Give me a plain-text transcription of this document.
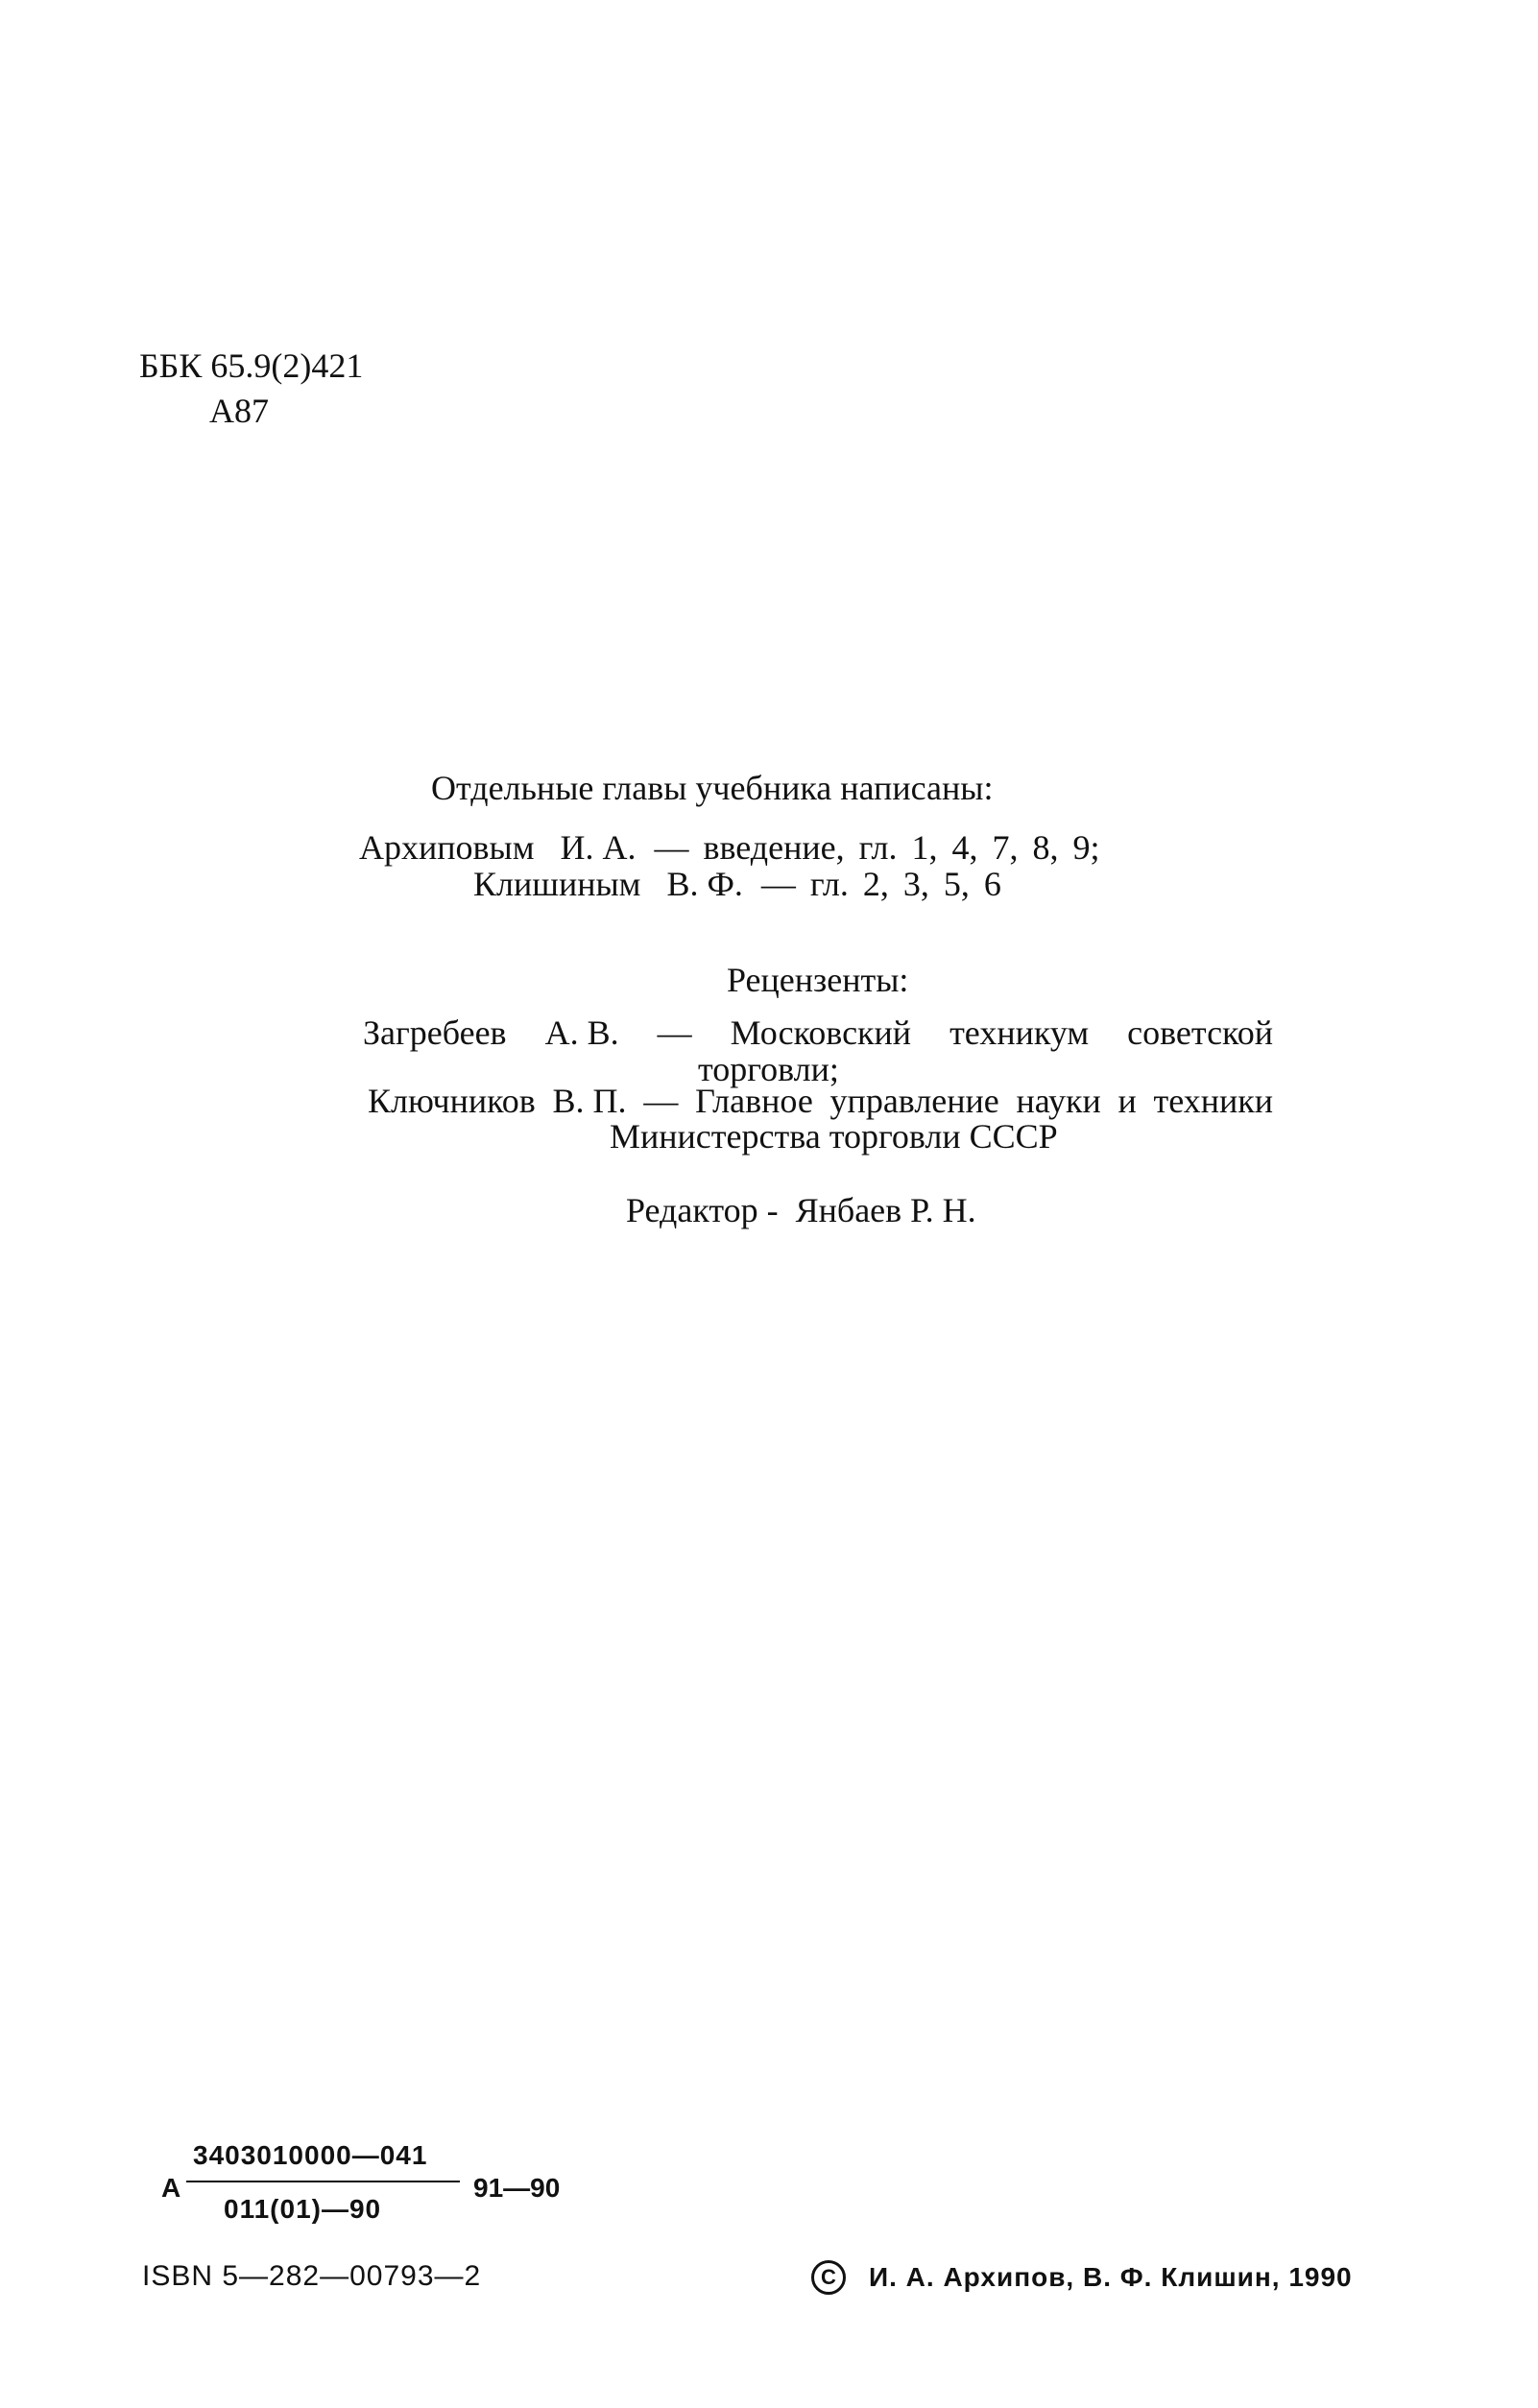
ББК 65.9(2)421
А87
Отдельные главы учебника написаны:
Архиповым И. А. — введение, гл. 1, 4, 7, 8, 9;
Клишиным В. Ф. — гл. 2, 3, 5, 6
Рецензенты:
Загребеев А. В. — Московский техникум советской
торговли;
Ключников В. П. — Главное управление науки и техники
Министерства торговли СССР
Редактор - Янбаев Р. Н.
А
3403010000—041
011(01)—90
91—90
ISBN 5—282—00793—2	С	И. А. Архипов, В. Ф. Клишин, 1990
